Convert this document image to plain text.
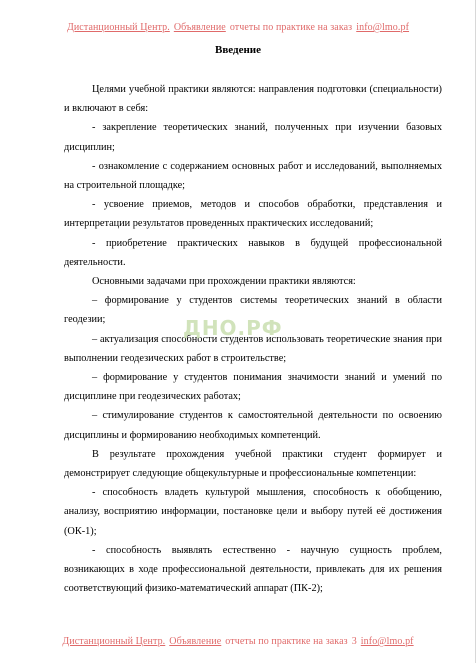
Дистанционный Центр. Объявление отчеты по практике на заказ info@lmo.pf
Введение

Целями учебной практики являются: направления подготовки (специальности) и включают в себя:

- закрепление теоретических знаний, полученных при изучении базовых дисциплин;

- ознакомление с содержанием основных работ и исследований, выполняемых на строительной площадке;

- усвоение приемов, методов и способов обработки, представления и интерпретации результатов проведенных практических исследований;

- приобретение практических навыков в будущей профессиональной деятельности.

Основными задачами при прохождении практики являются:

– формирование у студентов системы теоретических знаний в области геодезии;

– актуализация способности студентов использовать теоретические знания при выполнении геодезических работ в строительстве;

– формирование у студентов понимания значимости знаний и умений по дисциплине при геодезических работах;

– стимулирование студентов к самостоятельной деятельности по освоению дисциплины и формированию необходимых компетенций.

В результате прохождения учебной практики студент формирует и демонстрирует следующие общекультурные и профессиональные компетенции:

- способность владеть культурой мышления, способность к обобщению, анализу, восприятию информации, постановке цели и выбору путей её достижения (ОК-1);

- способность выявлять естественно - научную сущность проблем, возникающих в ходе профессиональной деятельности, привлекать для их решения соответствующий физико-математический аппарат (ПК-2);

ДНО.РФ
Дистанционный Центр. Объявление отчеты по практике на заказ 3 info@lmo.pf
